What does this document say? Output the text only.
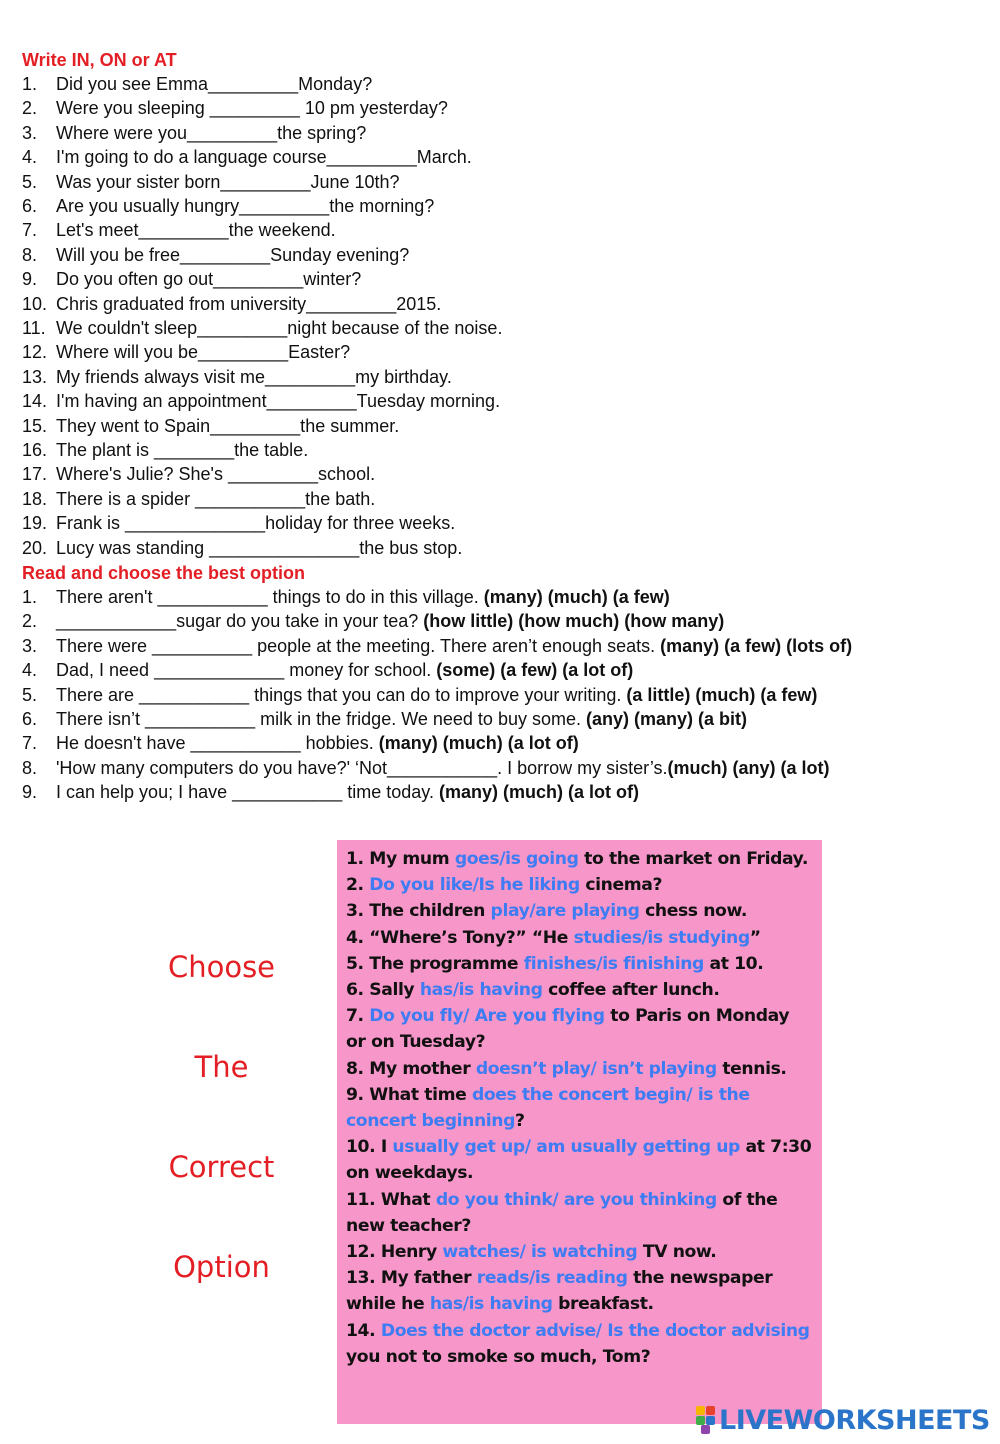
Write IN, ON or AT
1. Did you see Emma_________Monday?
2. Were you sleeping _________ 10 pm yesterday?
3. Where were you_________the spring?
4. I'm going to do a language course_________March.
5. Was your sister born_________June 10th?
6. Are you usually hungry_________the morning?
7. Let's meet_________the weekend.
8. Will you be free_________Sunday evening?
9. Do you often go out_________winter?
10. Chris graduated from university_________2015.
11. We couldn't sleep_________night because of the noise.
12. Where will you be_________Easter?
13. My friends always visit me_________my birthday.
14. I'm having an appointment_________Tuesday morning.
15. They went to Spain_________the summer.
16. The plant is ________the table.
17. Where's Julie? She's _________school.
18. There is a spider ___________the bath.
19. Frank is ______________holiday for three weeks.
20. Lucy was standing _______________the bus stop.
Read and choose the best option
1. There aren't ___________ things to do in this village. (many) (much) (a few)
2. ____________sugar do you take in your tea? (how little) (how much) (how many)
3. There were __________ people at the meeting. There aren’t enough seats. (many) (a few) (lots of)
4. Dad, I need _____________ money for school. (some) (a few) (a lot of)
5. There are ___________ things that you can do to improve your writing. (a little) (much) (a few)
6. There isn’t ___________ milk in the fridge. We need to buy some. (any) (many) (a bit)
7. He doesn't have ___________ hobbies. (many) (much) (a lot of)
8. 'How many computers do you have?' ‘Not___________. I borrow my sister’s.(much) (any) (a lot)
9. I can help you; I have ___________ time today. (many) (much) (a lot of)
Choose
The
Correct
Option
1. My mum goes/is going to the market on Friday.
2. Do you like/Is he liking cinema?
3. The children play/are playing chess now.
4. “Where’s Tony?” “He studies/is studying”
5. The programme finishes/is finishing at 10.
6. Sally has/is having coffee after lunch.
7. Do you fly/ Are you flying to Paris on Monday or on Tuesday?
8. My mother doesn’t play/ isn’t playing tennis.
9. What time does the concert begin/ is the concert beginning?
10. I usually get up/ am usually getting up at 7:30 on weekdays.
11. What do you think/ are you thinking of the new teacher?
12. Henry watches/ is watching TV now.
13. My father reads/is reading the newspaper while he has/is having breakfast.
14. Does the doctor advise/ Is the doctor advising you not to smoke so much, Tom?
LIVEWORKSHEETS
